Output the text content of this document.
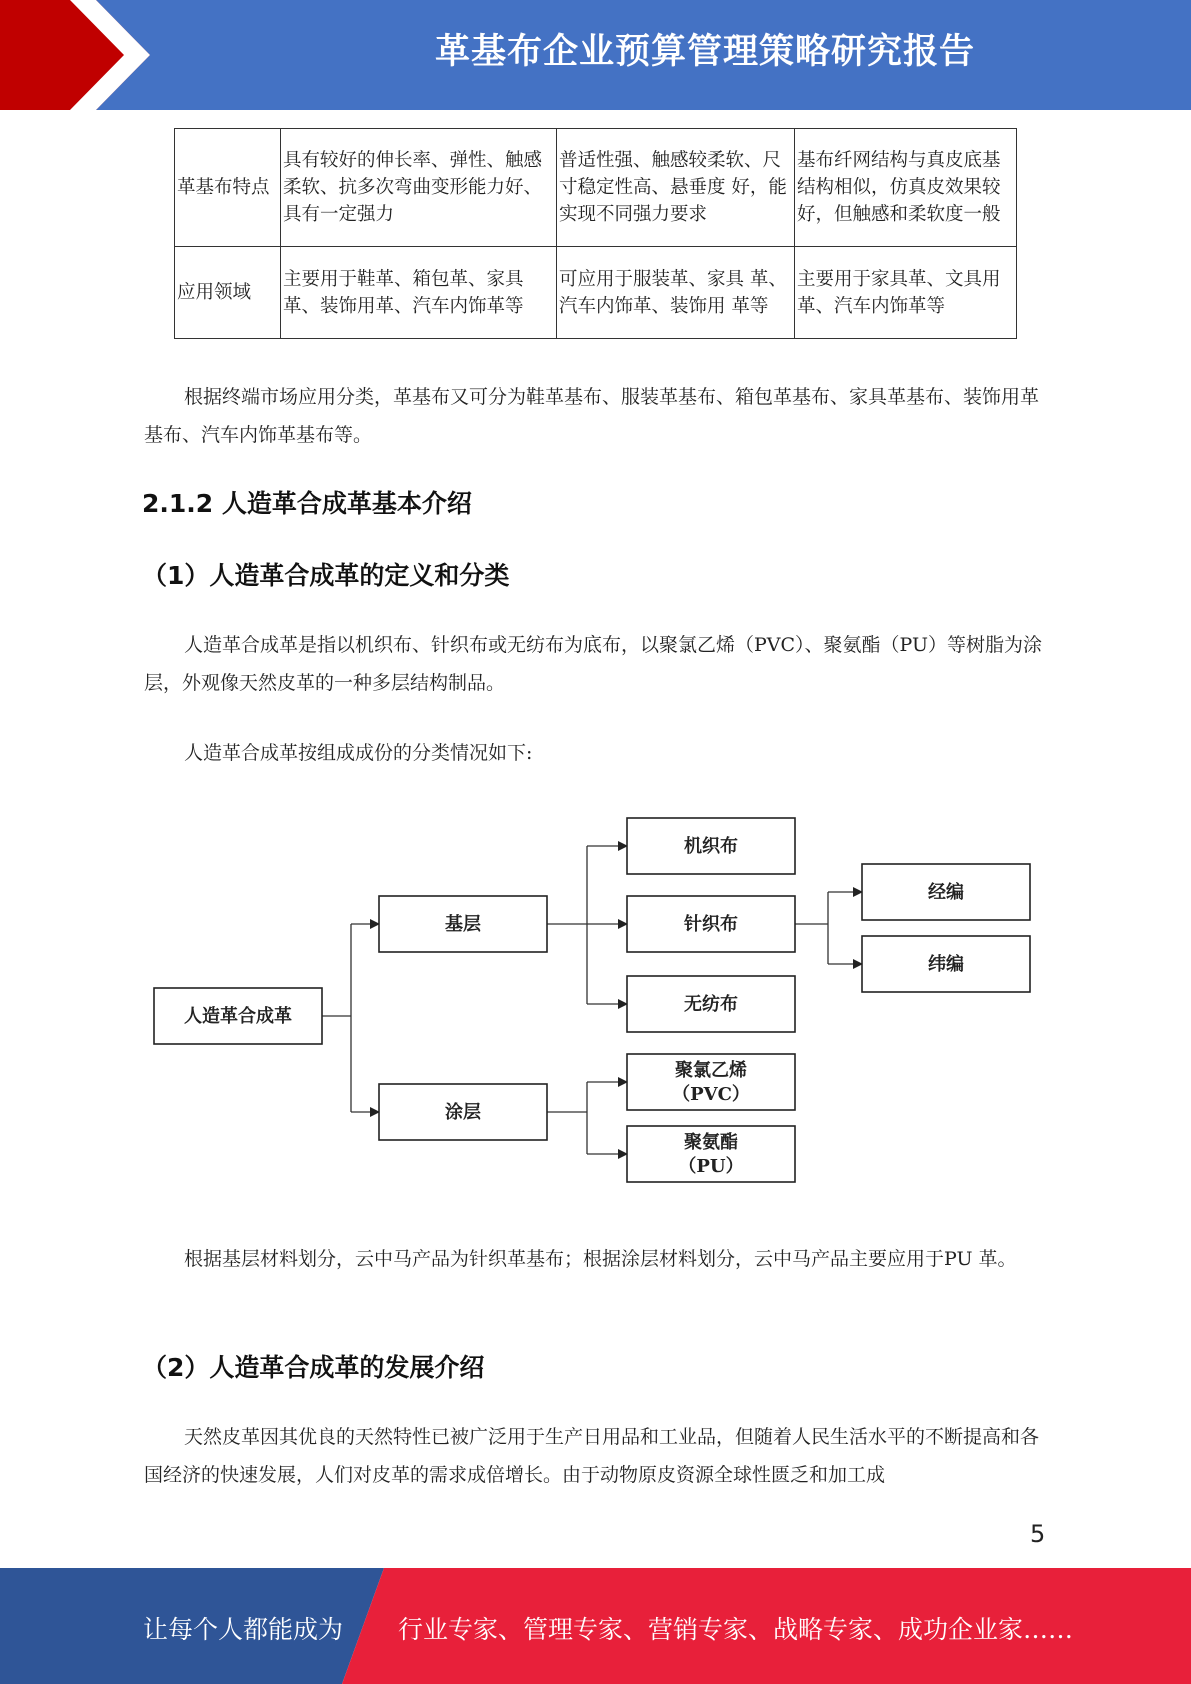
革基布企业预算管理策略研究报告
革基布特点	具有较好的伸长率、弹性、触感柔软、抗多次弯曲变形能力好、具有一定强力	普适性强、触感较柔软、尺寸稳定性高、悬垂度 好，能实现不同强力要求	基布纤网结构与真皮底基结构相似，仿真皮效果较好，但触感和柔软度一般
应用领域	主要用于鞋革、箱包革、家具革、装饰用革、汽车内饰革等	可应用于服装革、家具 革、汽车内饰革、装饰用 革等	主要用于家具革、文具用革、汽车内饰革等

根据终端市场应用分类，革基布又可分为鞋革基布、服装革基布、箱包革基布、家具革基布、装饰用革基布、汽车内饰革基布等。

2.1.2 人造革合成革基本介绍
（1）人造革合成革的定义和分类

人造革合成革是指以机织布、针织布或无纺布为底布，以聚氯乙烯（PVC）、聚氨酯（PU）等树脂为涂层，外观像天然皮革的一种多层结构制品。

人造革合成革按组成成份的分类情况如下:

人造革合成革
基层
涂层
机织布
针织布
无纺布
经编
纬编
聚氯乙烯
（PVC）
聚氨酯
（PU）

根据基层材料划分，云中马产品为针织革基布；根据涂层材料划分，云中马产品主要应用于PU 革。

（2）人造革合成革的发展介绍

天然皮革因其优良的天然特性已被广泛用于生产日用品和工业品，但随着人民生活水平的不断提高和各国经济的快速发展，人们对皮革的需求成倍增长。由于动物原皮资源全球性匮乏和加工成

5
让每个人都能成为 行业专家、管理专家、营销专家、战略专家、成功企业家……
